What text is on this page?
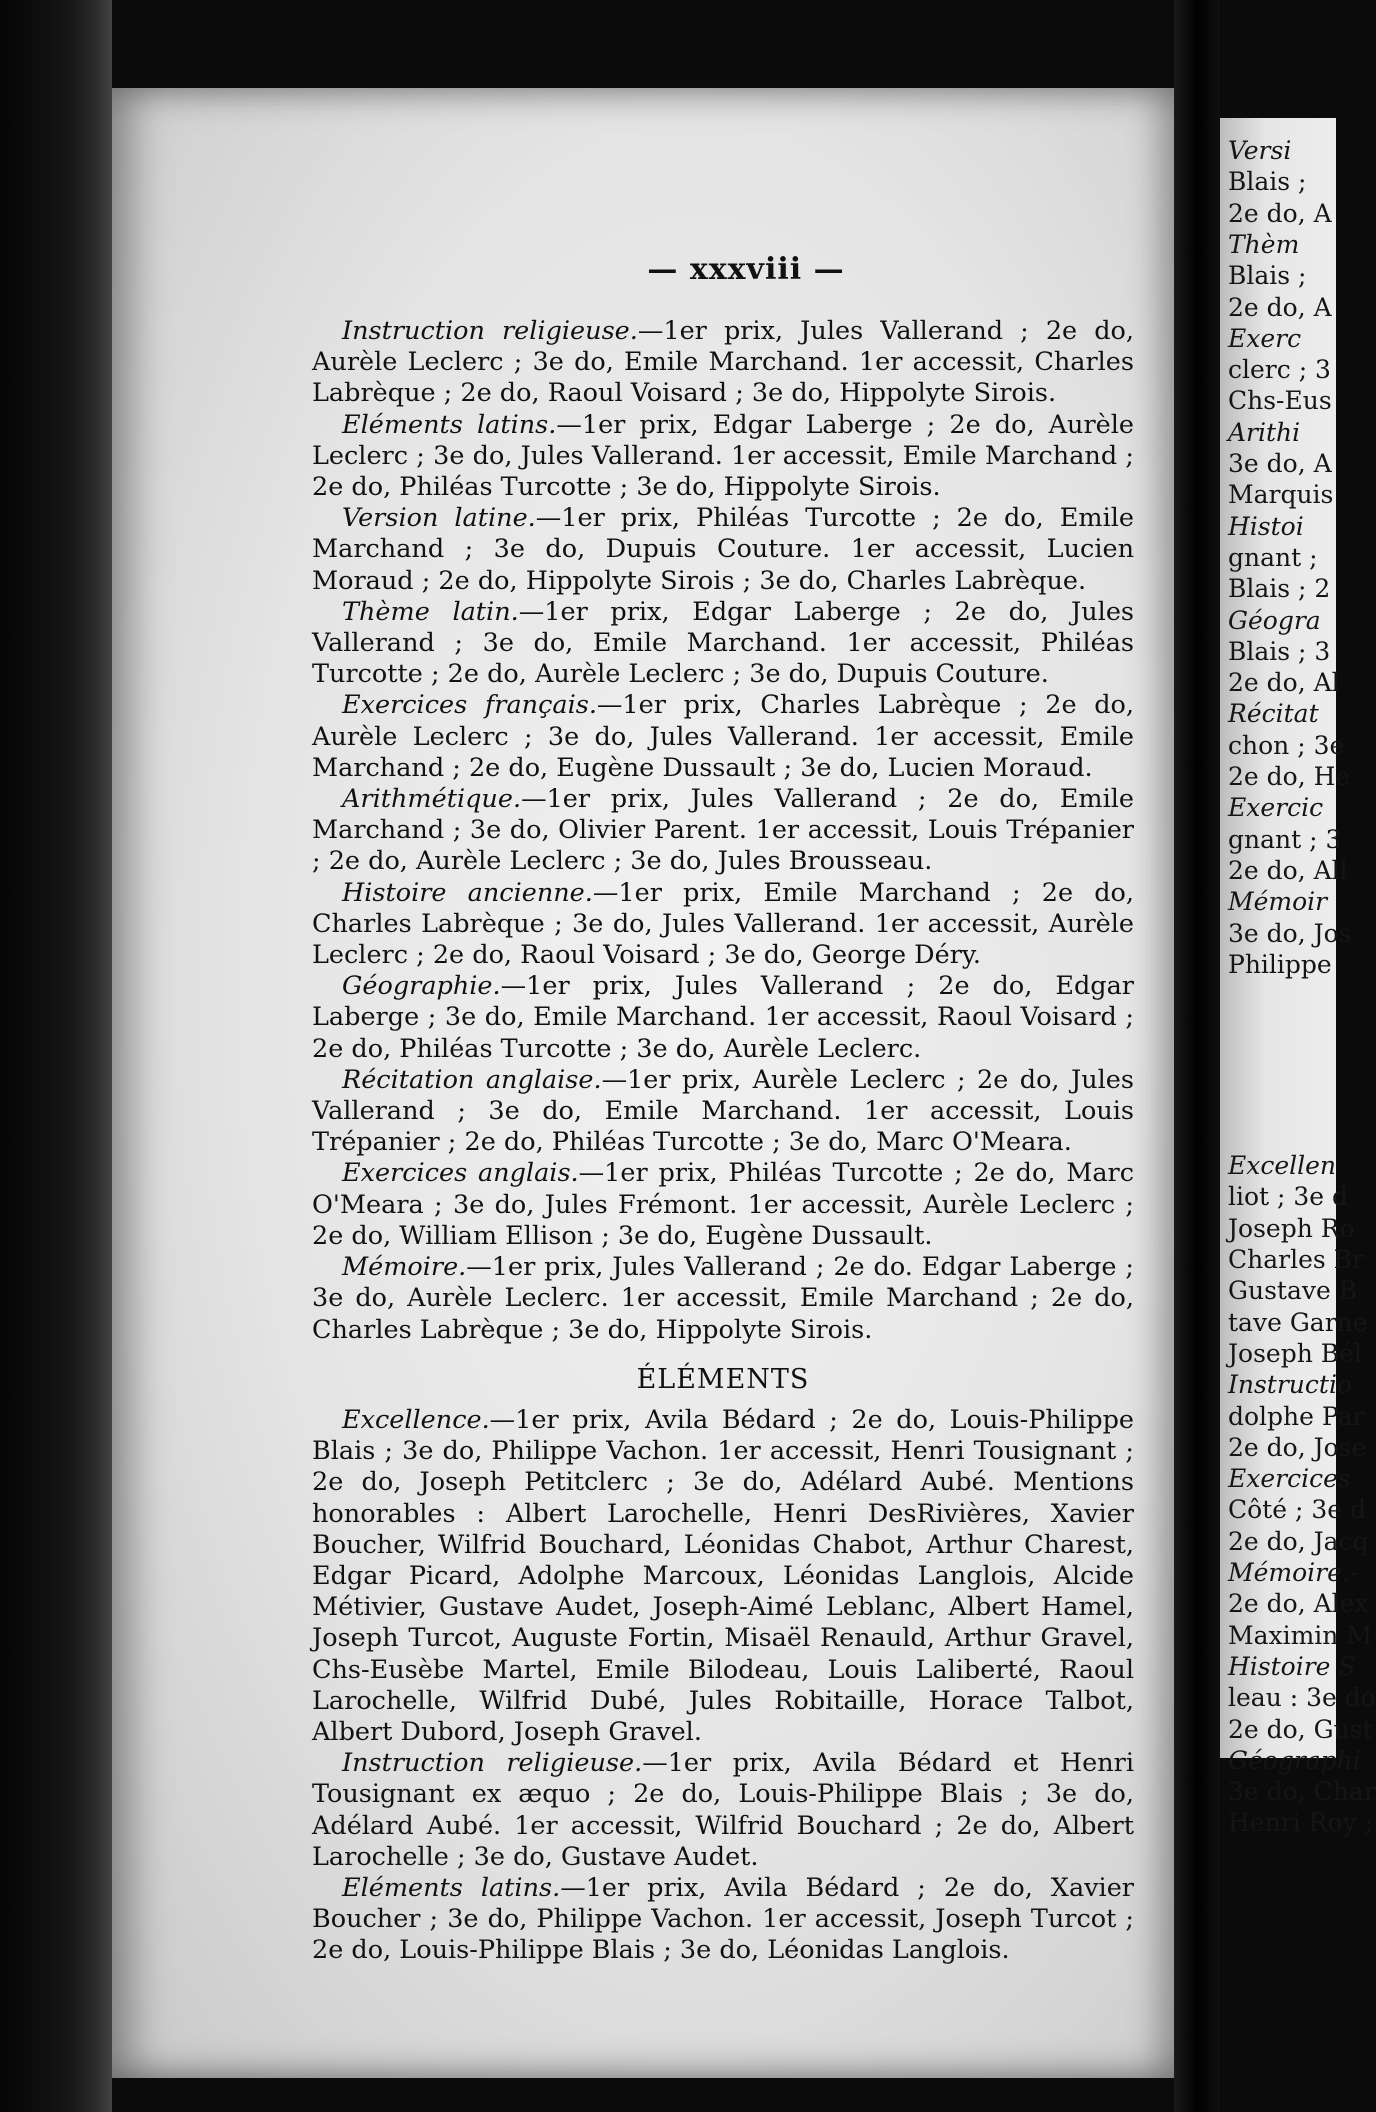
— xxxviii —

Instruction religieuse.—1er prix, Jules Vallerand ; 2e do, Aurèle Leclerc ; 3e do, Emile Marchand. 1er accessit, Charles Labrèque ; 2e do, Raoul Voisard ; 3e do, Hippolyte Sirois.

Eléments latins.—1er prix, Edgar Laberge ; 2e do, Aurèle Leclerc ; 3e do, Jules Vallerand. 1er accessit, Emile Marchand ; 2e do, Philéas Turcotte ; 3e do, Hippolyte Sirois.

Version latine.—1er prix, Philéas Turcotte ; 2e do, Emile Marchand ; 3e do, Dupuis Couture. 1er accessit, Lucien Moraud ; 2e do, Hippolyte Sirois ; 3e do, Charles Labrèque.

Thème latin.—1er prix, Edgar Laberge ; 2e do, Jules Vallerand ; 3e do, Emile Marchand. 1er accessit, Philéas Turcotte ; 2e do, Aurèle Leclerc ; 3e do, Dupuis Couture.

Exercices français.—1er prix, Charles Labrèque ; 2e do, Aurèle Leclerc ; 3e do, Jules Vallerand. 1er accessit, Emile Marchand ; 2e do, Eugène Dussault ; 3e do, Lucien Moraud.

Arithmétique.—1er prix, Jules Vallerand ; 2e do, Emile Marchand ; 3e do, Olivier Parent. 1er accessit, Louis Trépanier ; 2e do, Aurèle Leclerc ; 3e do, Jules Brousseau.

Histoire ancienne.—1er prix, Emile Marchand ; 2e do, Charles Labrèque ; 3e do, Jules Vallerand. 1er accessit, Aurèle Leclerc ; 2e do, Raoul Voisard ; 3e do, George Déry.

Géographie.—1er prix, Jules Vallerand ; 2e do, Edgar Laberge ; 3e do, Emile Marchand. 1er accessit, Raoul Voisard ; 2e do, Philéas Turcotte ; 3e do, Aurèle Leclerc.

Récitation anglaise.—1er prix, Aurèle Leclerc ; 2e do, Jules Vallerand ; 3e do, Emile Marchand. 1er accessit, Louis Trépanier ; 2e do, Philéas Turcotte ; 3e do, Marc O'Meara.

Exercices anglais.—1er prix, Philéas Turcotte ; 2e do, Marc O'Meara ; 3e do, Jules Frémont. 1er accessit, Aurèle Leclerc ; 2e do, William Ellison ; 3e do, Eugène Dussault.

Mémoire.—1er prix, Jules Vallerand ; 2e do. Edgar Laberge ; 3e do, Aurèle Leclerc. 1er accessit, Emile Marchand ; 2e do, Charles Labrèque ; 3e do, Hippolyte Sirois.

ÉLÉMENTS

Excellence.—1er prix, Avila Bédard ; 2e do, Louis-Philippe Blais ; 3e do, Philippe Vachon. 1er accessit, Henri Tousignant ; 2e do, Joseph Petitclerc ; 3e do, Adélard Aubé. Mentions honorables : Albert Larochelle, Henri DesRivières, Xavier Boucher, Wilfrid Bouchard, Léonidas Chabot, Arthur Charest, Edgar Picard, Adolphe Marcoux, Léonidas Langlois, Alcide Métivier, Gustave Audet, Joseph-Aimé Leblanc, Albert Hamel, Joseph Turcot, Auguste Fortin, Misaël Renauld, Arthur Gravel, Chs-Eusèbe Martel, Emile Bilodeau, Louis Laliberté, Raoul Larochelle, Wilfrid Dubé, Jules Robitaille, Horace Talbot, Albert Dubord, Joseph Gravel.

Instruction religieuse.—1er prix, Avila Bédard et Henri Tousignant ex æquo ; 2e do, Louis-Philippe Blais ; 3e do, Adélard Aubé. 1er accessit, Wilfrid Bouchard ; 2e do, Albert Larochelle ; 3e do, Gustave Audet.

Eléments latins.—1er prix, Avila Bédard ; 2e do, Xavier Boucher ; 3e do, Philippe Vachon. 1er accessit, Joseph Turcot ; 2e do, Louis-Philippe Blais ; 3e do, Léonidas Langlois.

Versi
Blais ;
2e do, A
Thèm
Blais ;
2e do, A
Exerc
clerc ; 3
Chs-Eus
Arithi
3e do, A
Marquis
Histoi
gnant ;
Blais ; 2
Géogra
Blais ; 3
2e do, Al
Récitat
chon ; 3e
2e do, He
Exercic
gnant ; 3
2e do, All
Mémoir
3e do, Jos
Philippe
Excellen
liot ; 3e d
Joseph Ro
Charles Br
Gustave B
tave Garne
Joseph Bél
Instructio
dolphe Par
2e do, Jose
Exercices
Côté ; 3e d
2e do, Jacq
Mémoire.-
2e do, Alex
Maximin M
Histoire S
leau : 3e do
2e do, Gust
Géographi
3e do, Char
Henri Roy ;
